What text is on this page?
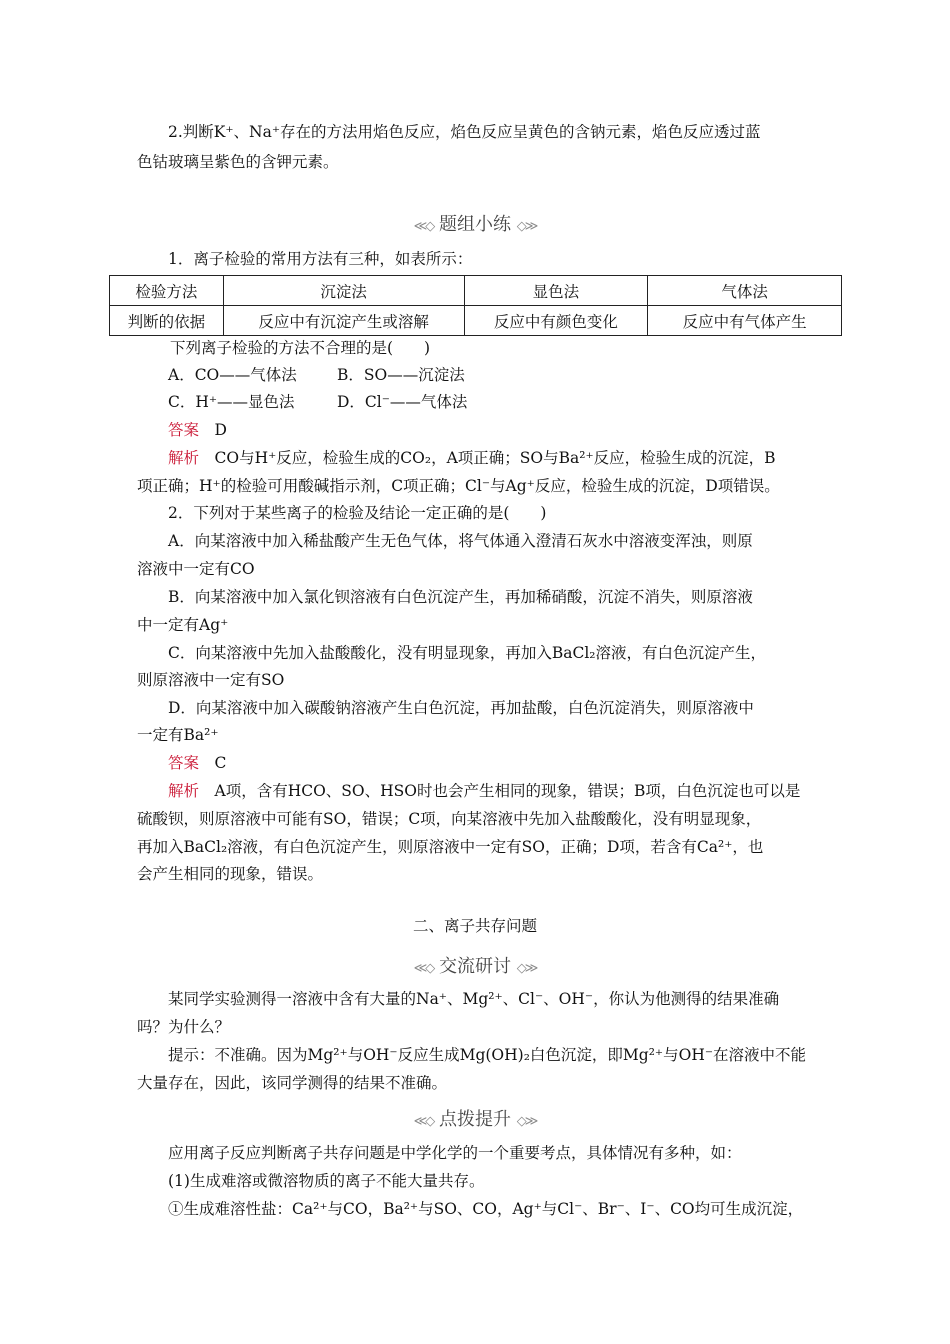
2.判断K⁺、Na⁺存在的方法用焰色反应，焰色反应呈黄色的含钠元素，焰色反应透过蓝
色钴玻璃呈紫色的含钾元素。
≪◇ 题组小练 ◇≫
1．离子检验的常用方法有三种，如表所示：
检验方法	沉淀法	显色法	气体法
判断的依据	反应中有沉淀产生或溶解	反应中有颜色变化	反应中有气体产生
下列离子检验的方法不合理的是(　　)
A．CO——气体法	B．SO——沉淀法
C．H⁺——显色法	D．Cl⁻——气体法
答案　 D
解析　 CO与H⁺反应，检验生成的CO₂，A项正确；SO与Ba²⁺反应，检验生成的沉淀，B
项正确；H⁺的检验可用酸碱指示剂，C项正确；Cl⁻与Ag⁺反应，检验生成的沉淀，D项错误。
2．下列对于某些离子的检验及结论一定正确的是(　　)
A．向某溶液中加入稀盐酸产生无色气体，将气体通入澄清石灰水中溶液变浑浊，则原
溶液中一定有CO
B．向某溶液中加入氯化钡溶液有白色沉淀产生，再加稀硝酸，沉淀不消失，则原溶液
中一定有Ag⁺
C．向某溶液中先加入盐酸酸化，没有明显现象，再加入BaCl₂溶液，有白色沉淀产生，
则原溶液中一定有SO
D．向某溶液中加入碳酸钠溶液产生白色沉淀，再加盐酸，白色沉淀消失，则原溶液中
一定有Ba²⁺
答案　 C
解析　 A项，含有HCO、SO、HSO时也会产生相同的现象，错误；B项，白色沉淀也可以是
硫酸钡，则原溶液中可能有SO，错误；C项，向某溶液中先加入盐酸酸化，没有明显现象，
再加入BaCl₂溶液，有白色沉淀产生，则原溶液中一定有SO，正确；D项，若含有Ca²⁺，也
会产生相同的现象，错误。
二、离子共存问题
≪◇ 交流研讨 ◇≫
某同学实验测得一溶液中含有大量的Na⁺、Mg²⁺、Cl⁻、OH⁻，你认为他测得的结果准确
吗？为什么？
提示：不准确。因为Mg²⁺与OH⁻反应生成Mg(OH)₂白色沉淀，即Mg²⁺与OH⁻在溶液中不能
大量存在，因此，该同学测得的结果不准确。
≪◇ 点拨提升 ◇≫
应用离子反应判断离子共存问题是中学化学的一个重要考点，具体情况有多种，如：
(1)生成难溶或微溶物质的离子不能大量共存。
①生成难溶性盐：Ca²⁺与CO，Ba²⁺与SO、CO，Ag⁺与Cl⁻、Br⁻、I⁻、CO均可生成沉淀，
